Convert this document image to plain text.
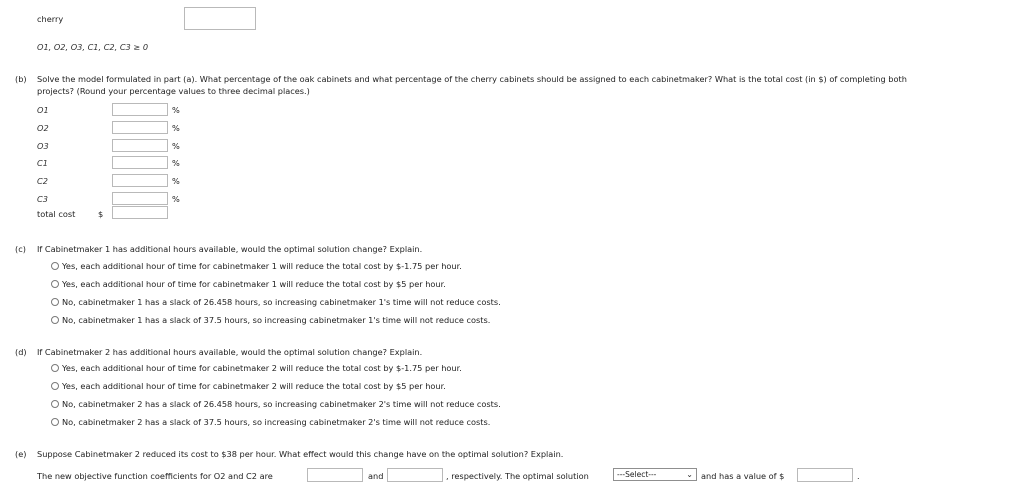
cherry
O1, O2, O3, C1, C2, C3 ≥ 0
(b) Solve the model formulated in part (a). What percentage of the oak cabinets and what percentage of the cherry cabinets should be assigned to each cabinetmaker? What is the total cost (in $) of completing both
projects? (Round your percentage values to three decimal places.)
O1	%
O2	%
O3	%
C1	%
C2	%
C3	%
total cost	$
(c) If Cabinetmaker 1 has additional hours available, would the optimal solution change? Explain.
Yes, each additional hour of time for cabinetmaker 1 will reduce the total cost by $-1.75 per hour.
Yes, each additional hour of time for cabinetmaker 1 will reduce the total cost by $5 per hour.
No, cabinetmaker 1 has a slack of 26.458 hours, so increasing cabinetmaker 1's time will not reduce costs.
No, cabinetmaker 1 has a slack of 37.5 hours, so increasing cabinetmaker 1's time will not reduce costs.
(d) If Cabinetmaker 2 has additional hours available, would the optimal solution change? Explain.
Yes, each additional hour of time for cabinetmaker 2 will reduce the total cost by $-1.75 per hour.
Yes, each additional hour of time for cabinetmaker 2 will reduce the total cost by $5 per hour.
No, cabinetmaker 2 has a slack of 26.458 hours, so increasing cabinetmaker 2's time will not reduce costs.
No, cabinetmaker 2 has a slack of 37.5 hours, so increasing cabinetmaker 2's time will not reduce costs.
(e) Suppose Cabinetmaker 2 reduced its cost to $38 per hour. What effect would this change have on the optimal solution? Explain.
The new objective function coefficients for O2 and C2 are	and	, respectively. The optimal solution	---Select---	⌄ and has a value of $	.
